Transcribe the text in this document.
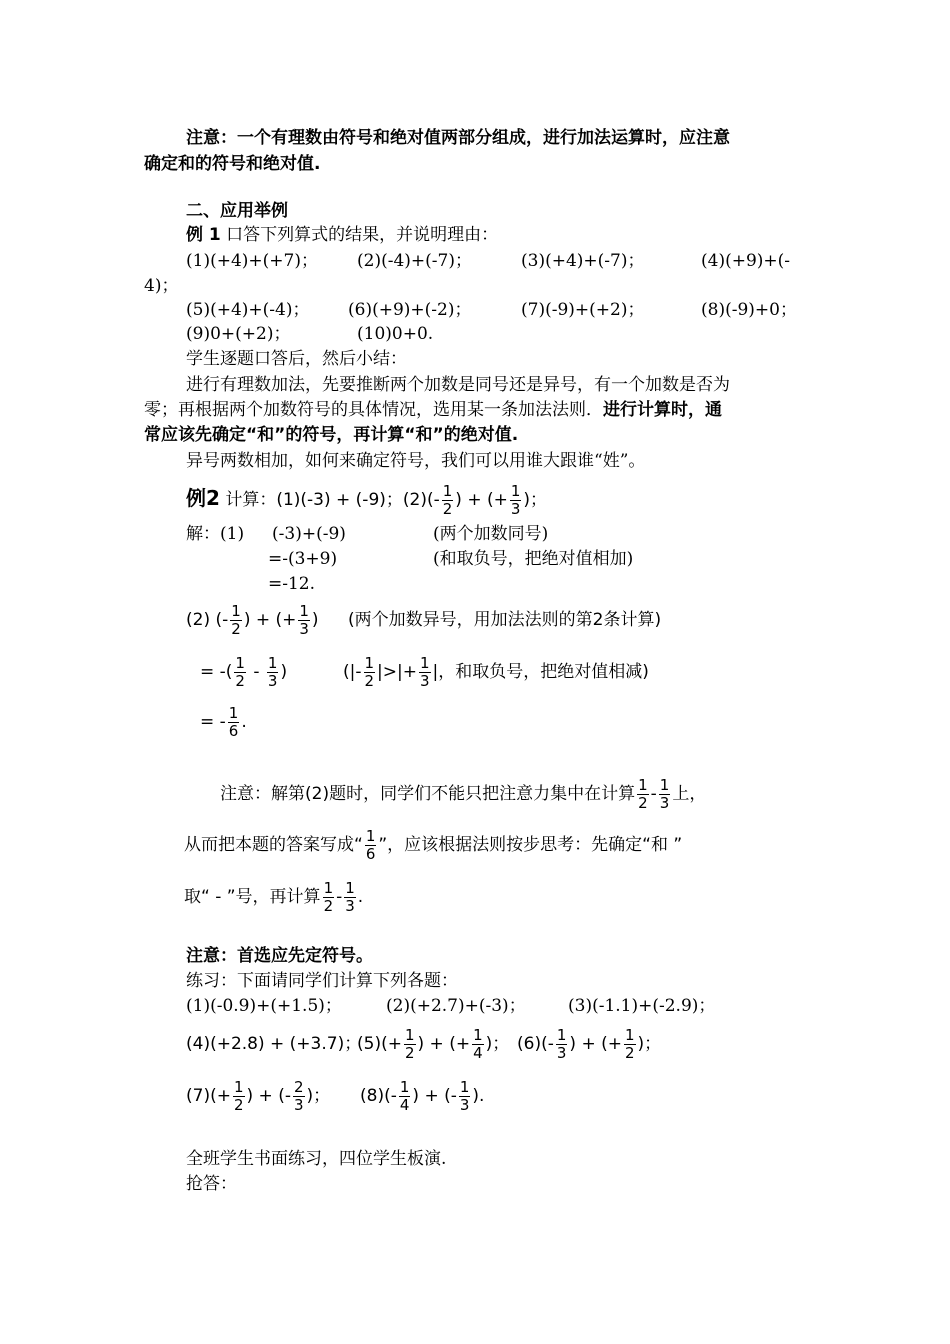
注意：一个有理数由符号和绝对值两部分组成，进行加法运算时，应注意
确定和的符号和绝对值.
二、应用举例
例 1 口答下列算式的结果，并说明理由：
(1)(+4)+(+7)； (2)(-4)+(-7)；	(3)(+4)+(-7)；	(4)(+9)+(-
4)；
(5)(+4)+(-4)； (6)(+9)+(-2)；	(7)(-9)+(+2)；	(8)(-9)+0；
(9)0+(+2)；	(10)0+0.
学生逐题口答后，然后小结：
进行有理数加法，先要推断两个加数是同号还是异号，有一个加数是否为
零；再根据两个加数符号的具体情况，选用某一条加法法则．进行计算时，通
常应该先确定“和”的符号，再计算“和”的绝对值.
异号两数相加，如何来确定符号，我们可以用谁大跟谁“姓”。
例2 计算：(1)(-3) + (-9)；$(2)(- \frac{1}{2}$ ) + (+ $\frac{1}{3}$ )；
解：(1) (-3)+(-9)	(两个加数同号)
=-(3+9)	(和取负号，把绝对值相加)
=-12.
(2) (- $\frac{1}{2}$ ) + (+ $\frac{1}{3}$ ) (两个加数异号，用加法法则的第2条计算)
= -( $\frac{1}{2} - \frac{1}{3}$ )	(|- $\frac{1}{2}$ |>|+ $\frac{1}{3}$ |，和取负号，把绝对值相减)
= - $\frac{1}{6}$ .
注意：解第(2)题时，同学们不能只把注意力集中在计算 $\frac{1}{2} - \frac{1}{3}$ 上，
从而把本题的答案写成“ $\frac{1}{6}$ ”，应该根据法则按步思考：先确定“和 ”
取“ - ”号，再计算 $\frac{1}{2} - \frac{1}{3}$ .
注意：首选应先定符号。
练习：下面请同学们计算下列各题：
(1)(-0.9)+(+1.5)；	(2)(+2.7)+(-3)； (3)(-1.1)+(-2.9)；
(4)(+2.8) + (+3.7)；
$(5)(+ \frac{1}{2}$ ) + (+ $\frac{1}{4}$ )； $(6)(- \frac{1}{3}$ ) + (+ $\frac{1}{2}$ )；
$(7)(+ \frac{1}{2}$ ) + (- $\frac{2}{3}$ )； $(8)(- \frac{1}{4}$ ) + (- $\frac{1}{3}$ ).
全班学生书面练习，四位学生板演.
抢答：
